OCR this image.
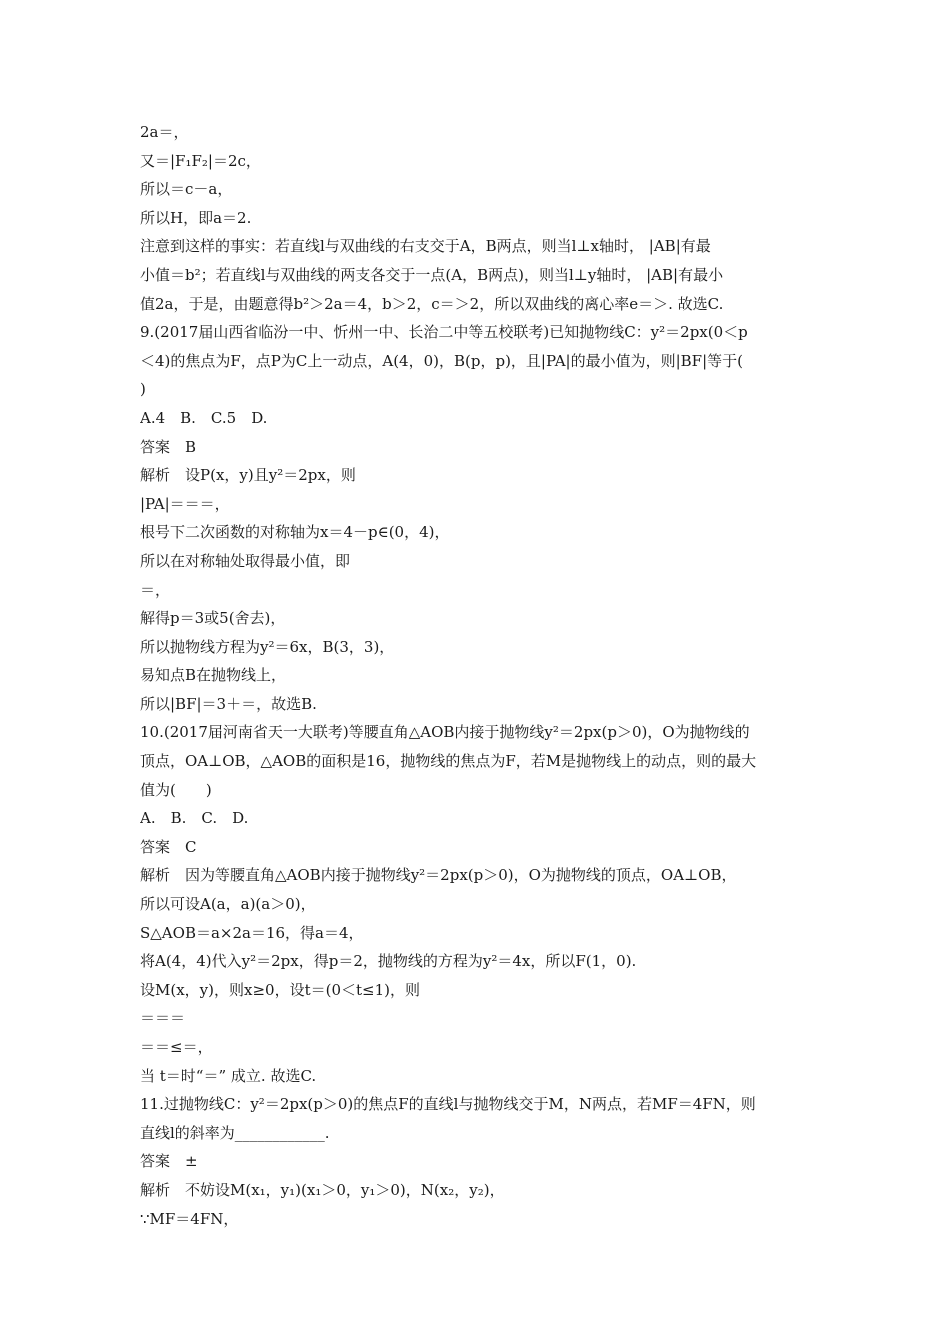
2a＝，
又＝|F₁F₂|＝2c，
所以＝c－a，
所以H，即a＝2.
注意到这样的事实：若直线l与双曲线的右支交于A，B两点，则当l⊥x轴时， |AB|有最
小值＝b²；若直线l与双曲线的两支各交于一点(A，B两点)，则当l⊥y轴时， |AB|有最小
值2a，于是，由题意得b²＞2a＝4，b＞2，c＝＞2，所以双曲线的离心率e＝＞. 故选C.
9.(2017届山西省临汾一中、忻州一中、长治二中等五校联考)已知抛物线C：y²＝2px(0＜p
＜4)的焦点为F，点P为C上一动点，A(4，0)，B(p，p)，且|PA|的最小值为，则|BF|等于(
)
A.4　B.　C.5　D.
答案　B
解析　设P(x，y)且y²＝2px，则
|PA|＝＝＝，
根号下二次函数的对称轴为x＝4－p∈(0，4)，
所以在对称轴处取得最小值，即
＝，
解得p＝3或5(舍去)，
所以抛物线方程为y²＝6x，B(3，3)，
易知点B在抛物线上，
所以|BF|＝3＋＝，故选B.
10.(2017届河南省天一大联考)等腰直角△AOB内接于抛物线y²＝2px(p＞0)，O为抛物线的
顶点，OA⊥OB，△AOB的面积是16，抛物线的焦点为F，若M是抛物线上的动点，则的最大
值为(　　)
A.　B.　C.　D.
答案　C
解析　因为等腰直角△AOB内接于抛物线y²＝2px(p＞0)，O为抛物线的顶点，OA⊥OB，
所以可设A(a，a)(a＞0)，
S△AOB＝a×2a＝16，得a＝4，
将A(4，4)代入y²＝2px，得p＝2，抛物线的方程为y²＝4x，所以F(1，0).
设M(x，y)，则x≥0，设t＝(0＜t≤1)，则
＝＝＝
＝＝≤＝，
当 t＝时“＝” 成立. 故选C.
11.过抛物线C：y²＝2px(p＞0)的焦点F的直线l与抛物线交于M，N两点，若MF＝4FN，则
直线l的斜率为____________.
答案　±
解析　不妨设M(x₁，y₁)(x₁＞0，y₁＞0)，N(x₂，y₂)，
∵MF＝4FN，
